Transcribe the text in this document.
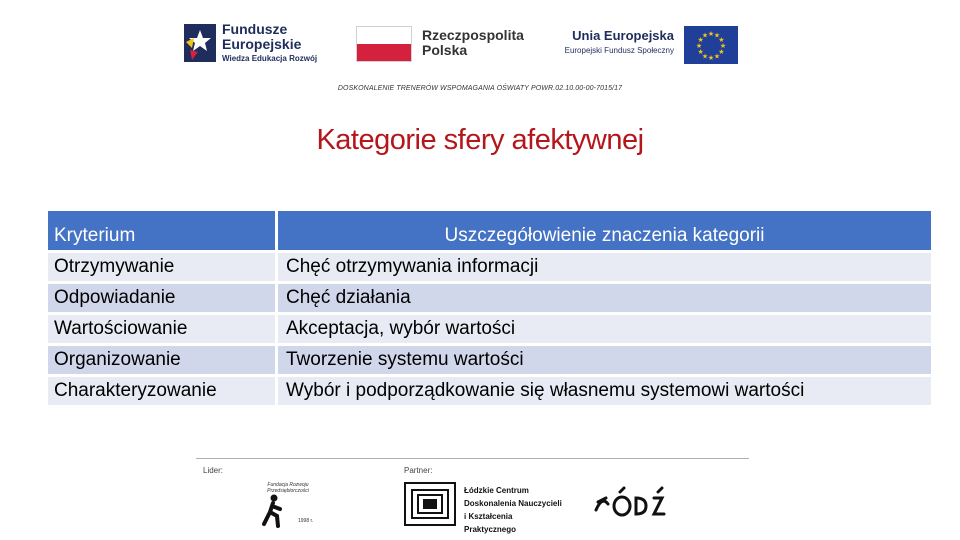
Fundusze
Europejskie
Wiedza Edukacja Rozwój
Rzeczpospolita
Polska
Unia Europejska
Europejski Fundusz Społeczny
★ ★
★
★
★
★
★
★
★
★
★
★
DOSKONALENIE TRENERÓW WSPOMAGANIA OŚWIATY POWR.02.10.00-00-7015/17
Kategorie sfery afektywnej
Kryterium	Uszczegółowienie znaczenia kategorii
Otrzymywanie	Chęć otrzymywania informacji
Odpowiadanie	Chęć działania
Wartościowanie	Akceptacja, wybór wartości
Organizowanie	Tworzenie systemu wartości
Charakteryzowanie	Wybór i podporządkowanie się własnemu systemowi wartości
Lider:	Partner:
Fundacja Rozwoju Przedsiębiorczości
1998 r.
Łódzkie Centrum
Doskonalenia Nauczycieli
i Kształcenia Praktycznego
